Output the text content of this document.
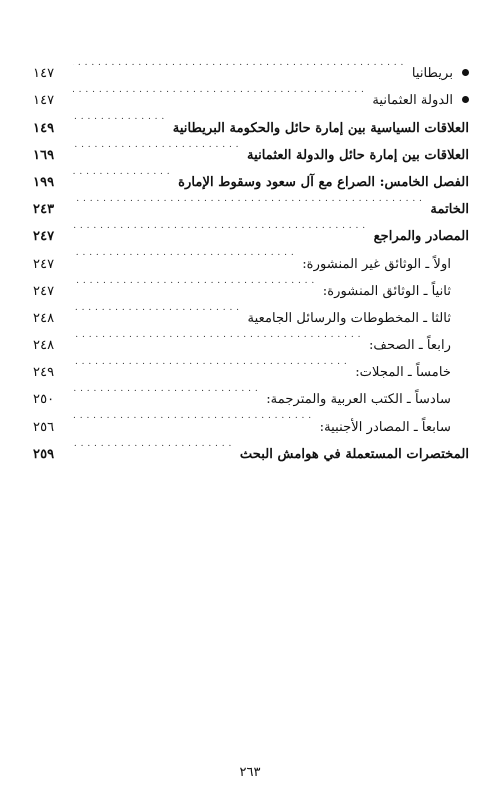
بريطانيا
. . .
١٤٧
الدولة العثمانية
. . .
١٤٧
العلاقات السياسية بين إمارة حائل والحكومة البريطانية
. . .
١٤٩
العلاقات بين إمارة حائل والدولة العثمانية
. . .
١٦٩
الفصل الخامس: الصراع مع آل سعود وسقوط الإمارة
. . .
١٩٩
الخاتمة
. . .
٢٤٣
المصادر والمراجع
. . .
٢٤٧
اولاً ـ الوثائق غير المنشورة:
. . .
٢٤٧
ثانياً ـ الوثائق المنشورة:
. . .
٢٤٧
ثالثا ـ المخطوطات والرسائل الجامعية
. . .
٢٤٨
رابعاً ـ الصحف:
. . .
٢٤٨
خامساً ـ المجلات:
. . .
٢٤٩
سادساً ـ الكتب العربية والمترجمة:
. . .
٢٥٠
سابعاً ـ المصادر الأجنبية:
. . .
٢٥٦
المختصرات المستعملة في هوامش البحث
. . .
٢٥٩
٢٦٣
